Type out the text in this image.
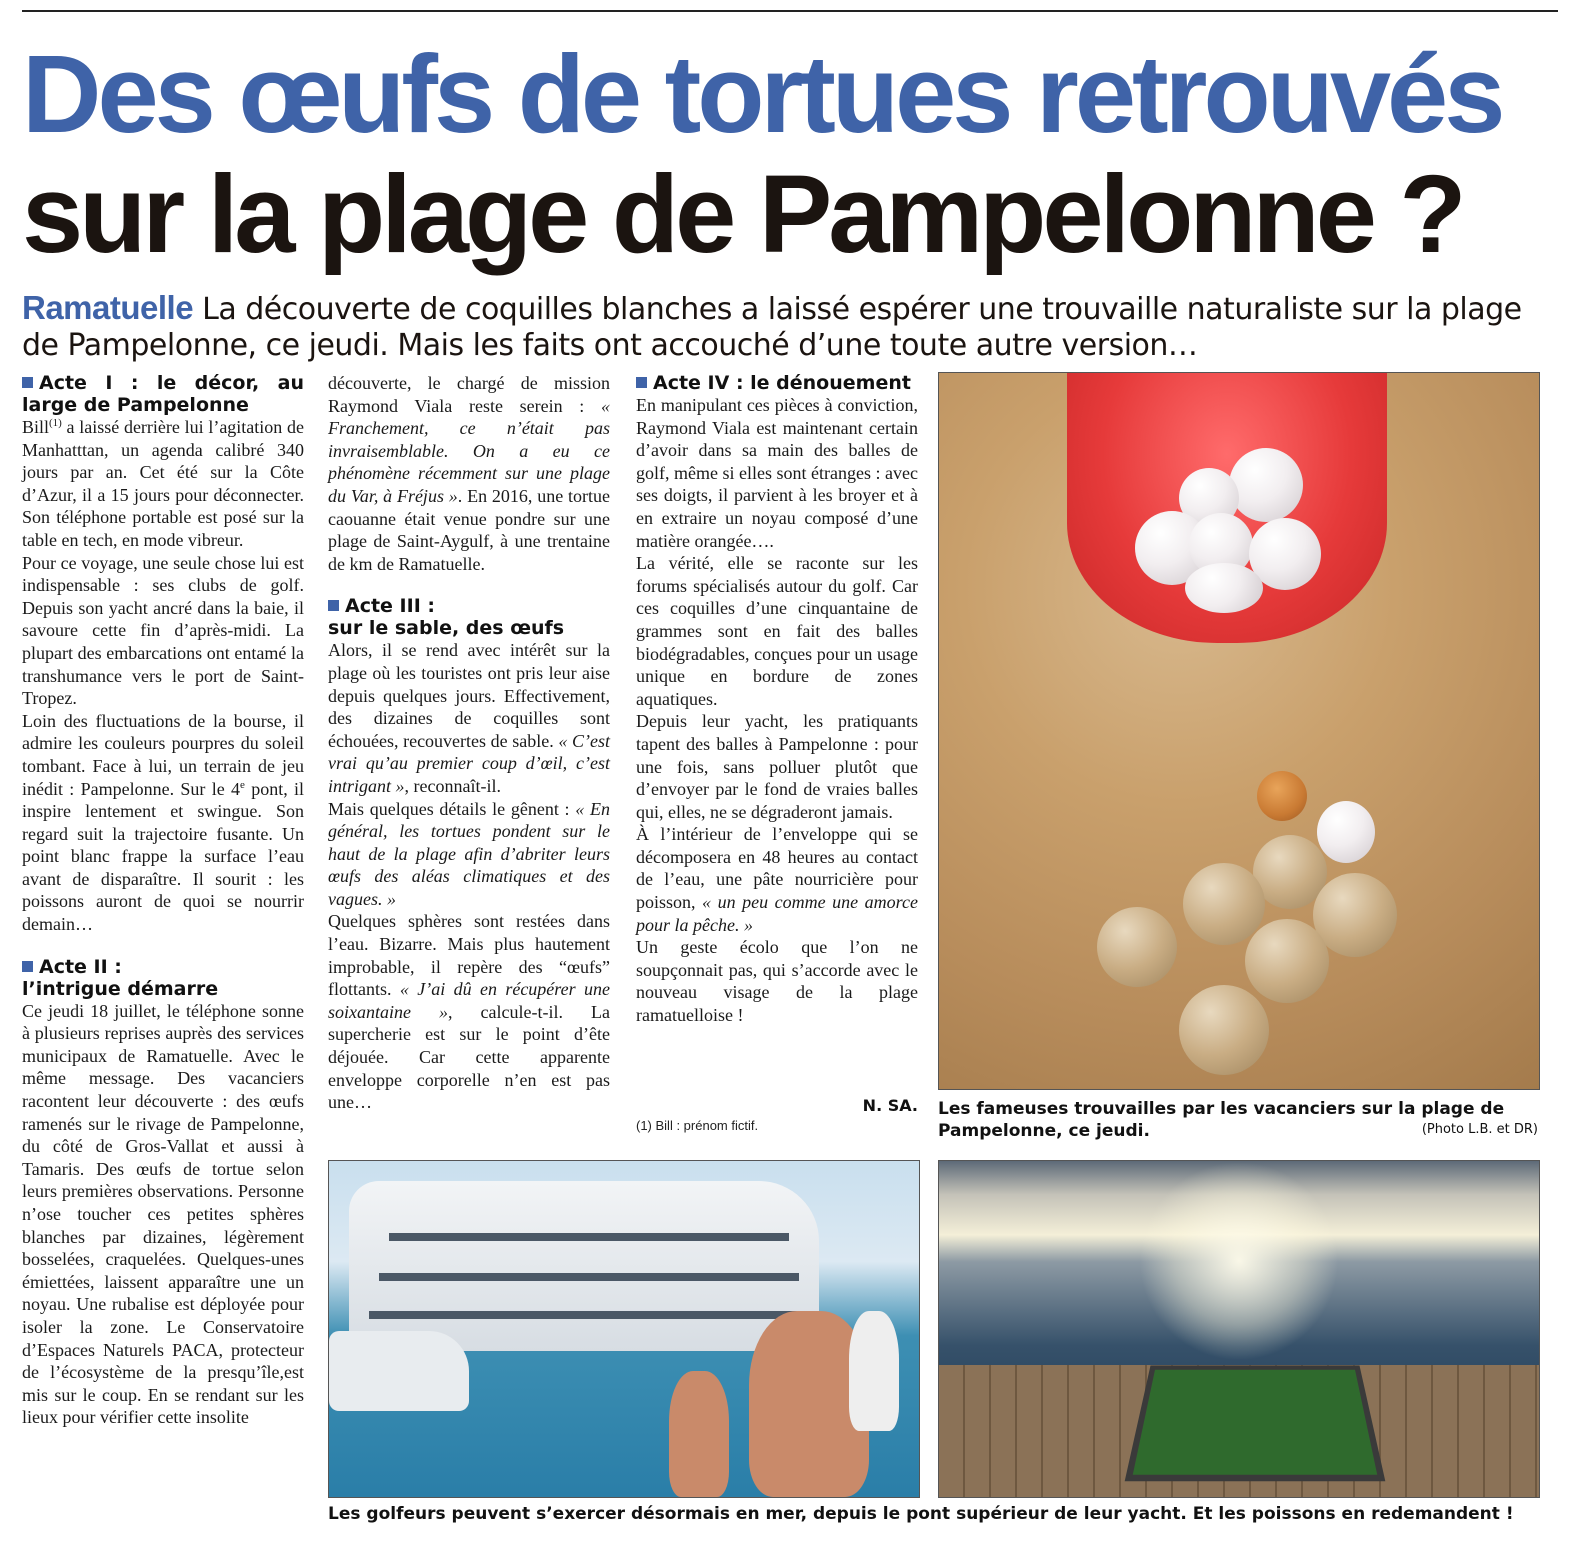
Des œufs de tortues retrouvés
sur la plage de Pampelonne ?
Ramatuelle La découverte de coquilles blanches a laissé espérer une trouvaille naturaliste sur la plage de Pampelonne, ce jeudi. Mais les faits ont accouché d’une toute autre version…

Acte I : le décor, au large de Pampelonne

Bill$^{(1)}$ a laissé derrière lui l’agitation de Manhatttan, un agenda calibré 340 jours par an. Cet été sur la Côte d’Azur, il a 15 jours pour déconnecter. Son téléphone portable est posé sur la table en tech, en mode vibreur.

Pour ce voyage, une seule chose lui est indispensable : ses clubs de golf. Depuis son yacht ancré dans la baie, il savoure cette fin d’après-midi. La plupart des embarcations ont entamé la transhumance vers le port de Saint-Tropez.

Loin des fluctuations de la bourse, il admire les couleurs pourpres du soleil tombant. Face à lui, un terrain de jeu inédit : Pampelonne. Sur le 4e pont, il inspire lentement et swingue. Son regard suit la trajectoire fusante. Un point blanc frappe la surface l’eau avant de disparaître. Il sourit : les poissons auront de quoi se nourrir demain…

Acte II :
l’intrigue démarre

Ce jeudi 18 juillet, le téléphone sonne à plusieurs reprises auprès des services municipaux de Ramatuelle. Avec le même message. Des vacanciers racontent leur découverte : des œufs ramenés sur le rivage de Pampelonne, du côté de Gros-Vallat et aussi à Tamaris. Des œufs de tortue selon leurs premières observations. Personne n’ose toucher ces petites sphères blanches par dizaines, légèrement bosselées, craquelées. Quelques-unes émiettées, laissent apparaître une un noyau. Une rubalise est déployée pour isoler la zone. Le Conservatoire d’Espaces Naturels PACA, protecteur de l’écosystème de la presqu’île,est mis sur le coup. En se rendant sur les lieux pour vérifier cette insolite

découverte, le chargé de mission Raymond Viala reste serein : « Franchement, ce n’était pas invraisemblable. On a eu ce phénomène récemment sur une plage du Var, à Fréjus ». En 2016, une tortue caouanne était venue pondre sur une plage de Saint-Aygulf, à une trentaine de km de Ramatuelle.

Acte III :
sur le sable, des œufs

Alors, il se rend avec intérêt sur la plage où les touristes ont pris leur aise depuis quelques jours. Effectivement, des dizaines de coquilles sont échouées, recouvertes de sable. « C’est vrai qu’au premier coup d’œil, c’est intrigant », reconnaît-il.

Mais quelques détails le gênent : « En général, les tortues pondent sur le haut de la plage afin d’abriter leurs œufs des aléas climatiques et des vagues. »

Quelques sphères sont restées dans l’eau. Bizarre. Mais plus hautement improbable, il repère des “œufs” flottants. « J’ai dû en récupérer une soixantaine », calcule-t-il. La supercherie est sur le point d’ête déjouée. Car cette apparente enveloppe corporelle n’en est pas une…

Acte IV : le dénouement

En manipulant ces pièces à conviction, Raymond Viala est maintenant certain d’avoir dans sa main des balles de golf, même si elles sont étranges : avec ses doigts, il parvient à les broyer et à en extraire un noyau composé d’une matière orangée….

La vérité, elle se raconte sur les forums spécialisés autour du golf. Car ces coquilles d’une cinquantaine de grammes sont en fait des balles biodégradables, conçues pour un usage unique en bordure de zones aquatiques.

Depuis leur yacht, les pratiquants tapent des balles à Pampelonne : pour une fois, sans polluer plutôt que d’envoyer par le fond de vraies balles qui, elles, ne se dégraderont jamais.

À l’intérieur de l’enveloppe qui se décomposera en 48 heures au contact de l’eau, une pâte nourricière pour poisson, « un peu comme une amorce pour la pêche. »

Un geste écolo que l’on ne soupçonnait pas, qui s’accorde avec le nouveau visage de la plage ramatuelloise !

N. SA.
(1) Bill : prénom fictif.
Les fameuses trouvailles par les vacanciers sur la plage de Pampelonne, ce jeudi.	(Photo L.B. et DR)
Les golfeurs peuvent s’exercer désormais en mer, depuis le pont supérieur de leur yacht. Et les poissons en redemandent !
